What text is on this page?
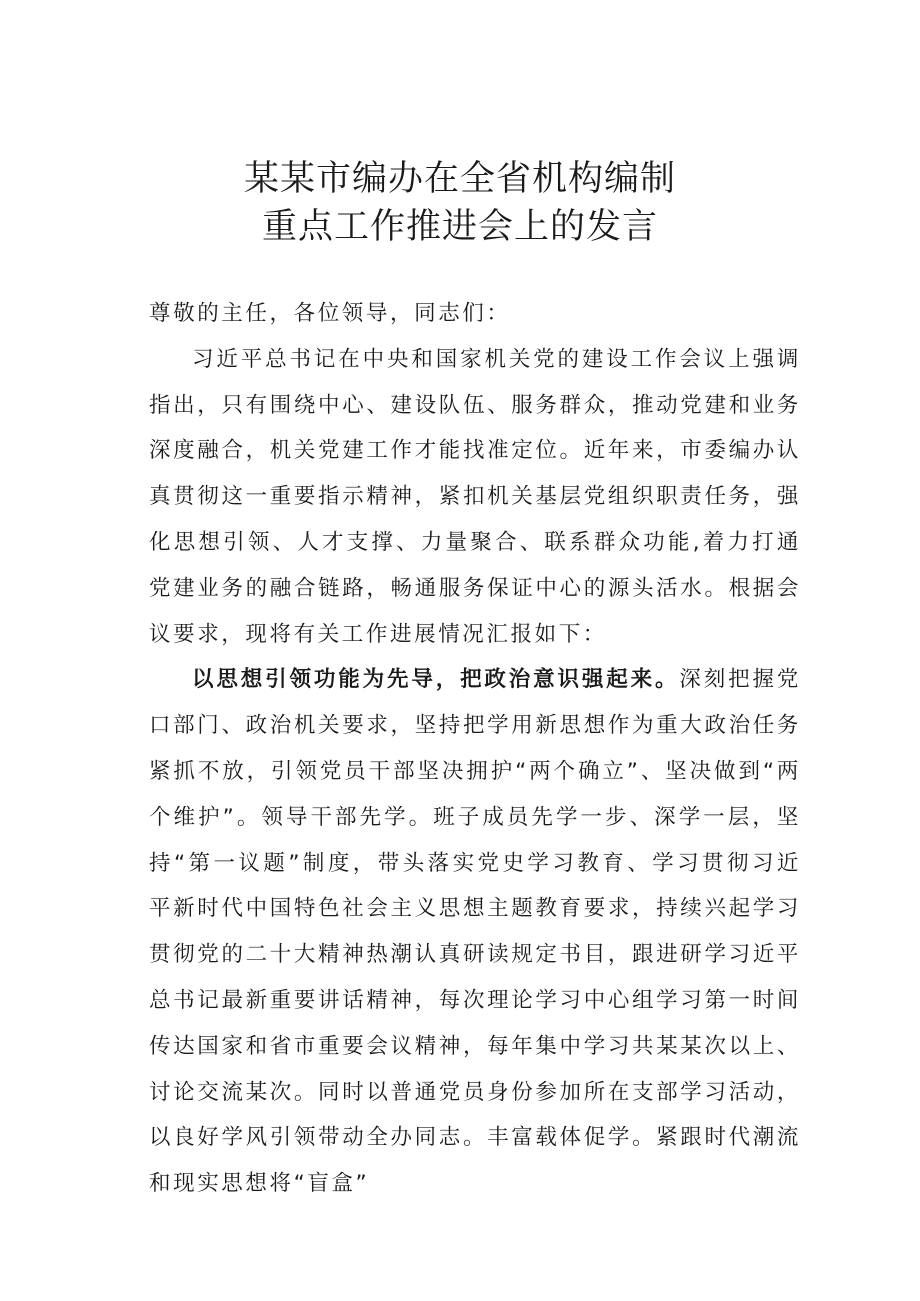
某某市编办在全省机构编制
重点工作推进会上的发言

尊敬的主任，各位领导，同志们：

习近平总书记在中央和国家机关党的建设工作会议上强调指出，只有围绕中心、建设队伍、服务群众，推动党建和业务深度融合，机关党建工作才能找准定位。近年来，市委编办认真贯彻这一重要指示精神，紧扣机关基层党组织职责任务，强化思想引领、人才支撑、力量聚合、联系群众功能,着力打通党建业务的融合链路，畅通服务保证中心的源头活水。根据会议要求，现将有关工作进展情况汇报如下：

以思想引领功能为先导，把政治意识强起来。深刻把握党口部门、政治机关要求，坚持把学用新思想作为重大政治任务紧抓不放，引领党员干部坚决拥护“两个确立”、坚决做到“两个维护”。领导干部先学。班子成员先学一步、深学一层，坚持“第一议题”制度，带头落实党史学习教育、学习贯彻习近平新时代中国特色社会主义思想主题教育要求，持续兴起学习贯彻党的二十大精神热潮认真研读规定书目，跟进研学习近平总书记最新重要讲话精神，每次理论学习中心组学习第一时间传达国家和省市重要会议精神，每年集中学习共某某次以上、讨论交流某次。同时以普通党员身份参加所在支部学习活动，以良好学风引领带动全办同志。丰富载体促学。紧跟时代潮流和现实思想将“盲盒”
